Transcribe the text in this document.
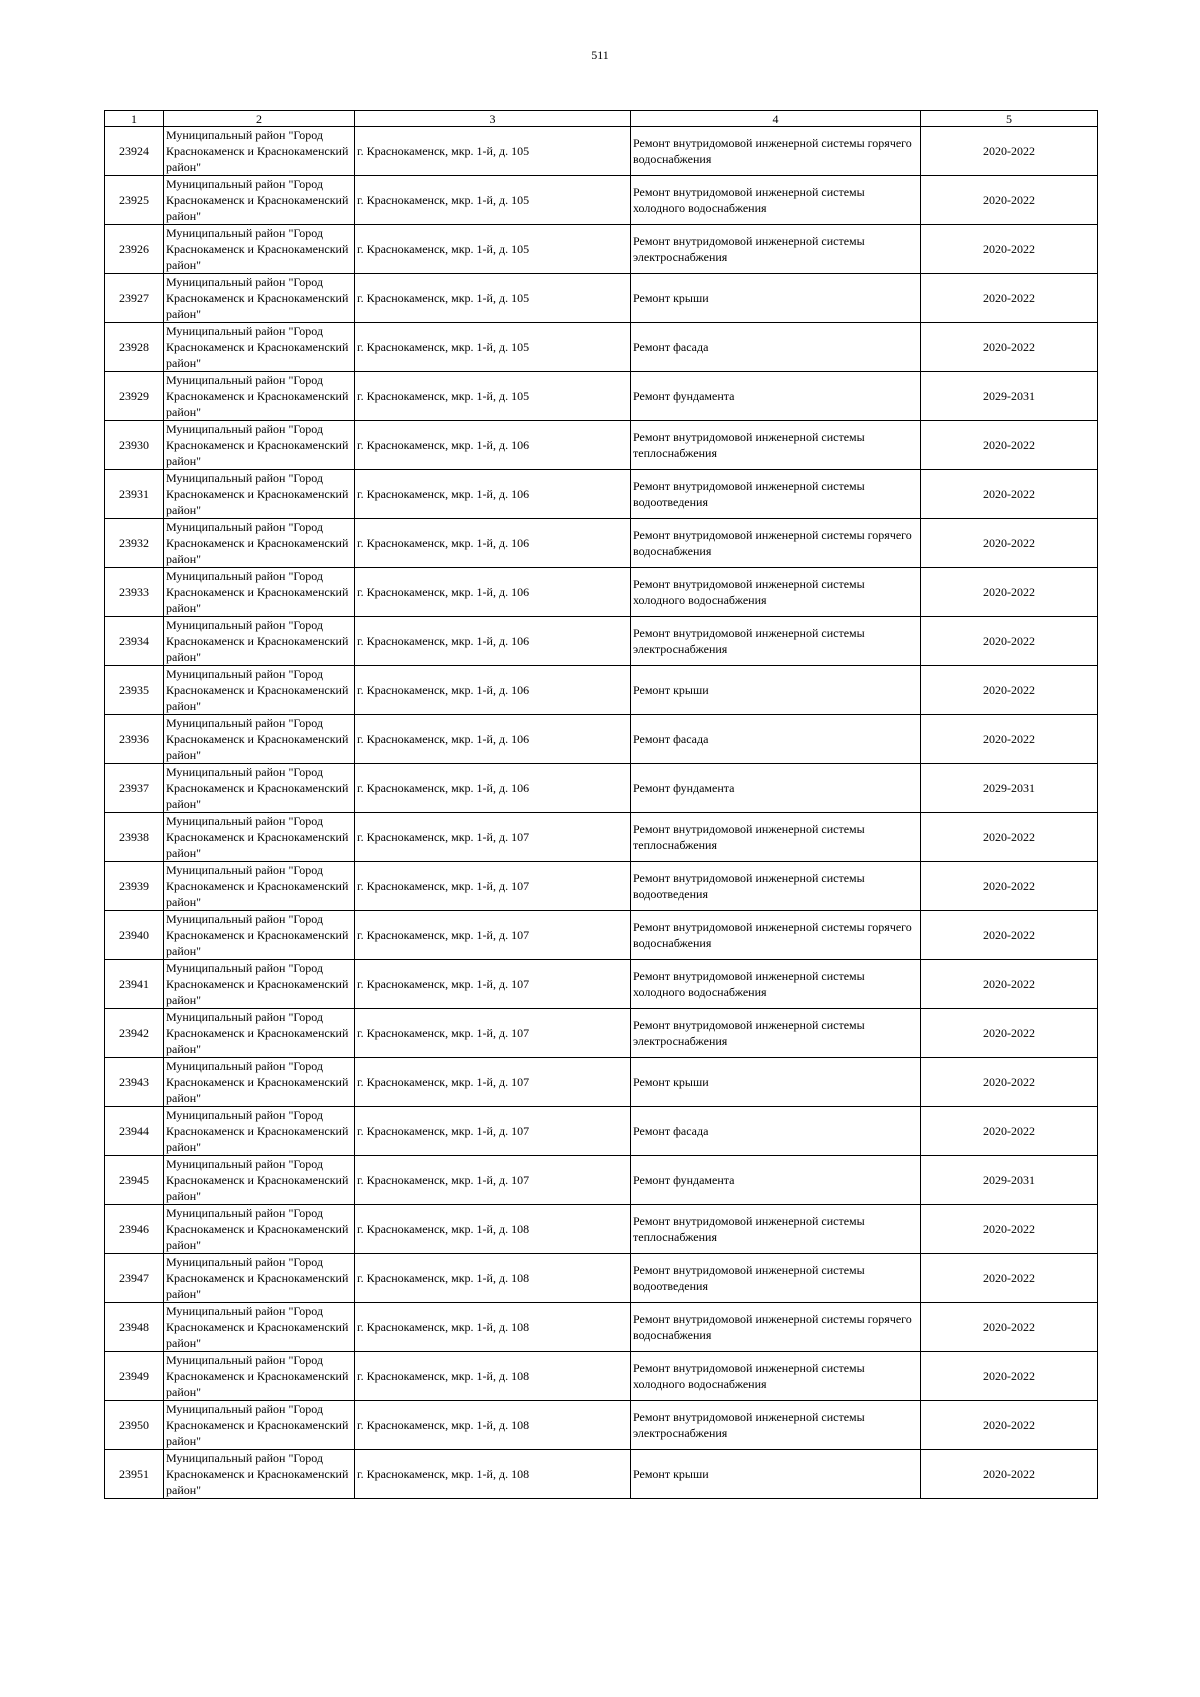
511
1	2	3	4	5
23924	Муниципальный район "Город Краснокаменск и Краснокаменский район"	г. Краснокаменск, мкр. 1-й, д. 105	Ремонт внутридомовой инженерной системы горячего водоснабжения	2020-2022
23925	Муниципальный район "Город Краснокаменск и Краснокаменский район"	г. Краснокаменск, мкр. 1-й, д. 105	Ремонт внутридомовой инженерной системы холодного водоснабжения	2020-2022
23926	Муниципальный район "Город Краснокаменск и Краснокаменский район"	г. Краснокаменск, мкр. 1-й, д. 105	Ремонт внутридомовой инженерной системы электроснабжения	2020-2022
23927	Муниципальный район "Город Краснокаменск и Краснокаменский район"	г. Краснокаменск, мкр. 1-й, д. 105	Ремонт крыши	2020-2022
23928	Муниципальный район "Город Краснокаменск и Краснокаменский район"	г. Краснокаменск, мкр. 1-й, д. 105	Ремонт фасада	2020-2022
23929	Муниципальный район "Город Краснокаменск и Краснокаменский район"	г. Краснокаменск, мкр. 1-й, д. 105	Ремонт фундамента	2029-2031
23930	Муниципальный район "Город Краснокаменск и Краснокаменский район"	г. Краснокаменск, мкр. 1-й, д. 106	Ремонт внутридомовой инженерной системы теплоснабжения	2020-2022
23931	Муниципальный район "Город Краснокаменск и Краснокаменский район"	г. Краснокаменск, мкр. 1-й, д. 106	Ремонт внутридомовой инженерной системы водоотведения	2020-2022
23932	Муниципальный район "Город Краснокаменск и Краснокаменский район"	г. Краснокаменск, мкр. 1-й, д. 106	Ремонт внутридомовой инженерной системы горячего водоснабжения	2020-2022
23933	Муниципальный район "Город Краснокаменск и Краснокаменский район"	г. Краснокаменск, мкр. 1-й, д. 106	Ремонт внутридомовой инженерной системы холодного водоснабжения	2020-2022
23934	Муниципальный район "Город Краснокаменск и Краснокаменский район"	г. Краснокаменск, мкр. 1-й, д. 106	Ремонт внутридомовой инженерной системы электроснабжения	2020-2022
23935	Муниципальный район "Город Краснокаменск и Краснокаменский район"	г. Краснокаменск, мкр. 1-й, д. 106	Ремонт крыши	2020-2022
23936	Муниципальный район "Город Краснокаменск и Краснокаменский район"	г. Краснокаменск, мкр. 1-й, д. 106	Ремонт фасада	2020-2022
23937	Муниципальный район "Город Краснокаменск и Краснокаменский район"	г. Краснокаменск, мкр. 1-й, д. 106	Ремонт фундамента	2029-2031
23938	Муниципальный район "Город Краснокаменск и Краснокаменский район"	г. Краснокаменск, мкр. 1-й, д. 107	Ремонт внутридомовой инженерной системы теплоснабжения	2020-2022
23939	Муниципальный район "Город Краснокаменск и Краснокаменский район"	г. Краснокаменск, мкр. 1-й, д. 107	Ремонт внутридомовой инженерной системы водоотведения	2020-2022
23940	Муниципальный район "Город Краснокаменск и Краснокаменский район"	г. Краснокаменск, мкр. 1-й, д. 107	Ремонт внутридомовой инженерной системы горячего водоснабжения	2020-2022
23941	Муниципальный район "Город Краснокаменск и Краснокаменский район"	г. Краснокаменск, мкр. 1-й, д. 107	Ремонт внутридомовой инженерной системы холодного водоснабжения	2020-2022
23942	Муниципальный район "Город Краснокаменск и Краснокаменский район"	г. Краснокаменск, мкр. 1-й, д. 107	Ремонт внутридомовой инженерной системы электроснабжения	2020-2022
23943	Муниципальный район "Город Краснокаменск и Краснокаменский район"	г. Краснокаменск, мкр. 1-й, д. 107	Ремонт крыши	2020-2022
23944	Муниципальный район "Город Краснокаменск и Краснокаменский район"	г. Краснокаменск, мкр. 1-й, д. 107	Ремонт фасада	2020-2022
23945	Муниципальный район "Город Краснокаменск и Краснокаменский район"	г. Краснокаменск, мкр. 1-й, д. 107	Ремонт фундамента	2029-2031
23946	Муниципальный район "Город Краснокаменск и Краснокаменский район"	г. Краснокаменск, мкр. 1-й, д. 108	Ремонт внутридомовой инженерной системы теплоснабжения	2020-2022
23947	Муниципальный район "Город Краснокаменск и Краснокаменский район"	г. Краснокаменск, мкр. 1-й, д. 108	Ремонт внутридомовой инженерной системы водоотведения	2020-2022
23948	Муниципальный район "Город Краснокаменск и Краснокаменский район"	г. Краснокаменск, мкр. 1-й, д. 108	Ремонт внутридомовой инженерной системы горячего водоснабжения	2020-2022
23949	Муниципальный район "Город Краснокаменск и Краснокаменский район"	г. Краснокаменск, мкр. 1-й, д. 108	Ремонт внутридомовой инженерной системы холодного водоснабжения	2020-2022
23950	Муниципальный район "Город Краснокаменск и Краснокаменский район"	г. Краснокаменск, мкр. 1-й, д. 108	Ремонт внутридомовой инженерной системы электроснабжения	2020-2022
23951	Муниципальный район "Город Краснокаменск и Краснокаменский район"	г. Краснокаменск, мкр. 1-й, д. 108	Ремонт крыши	2020-2022
